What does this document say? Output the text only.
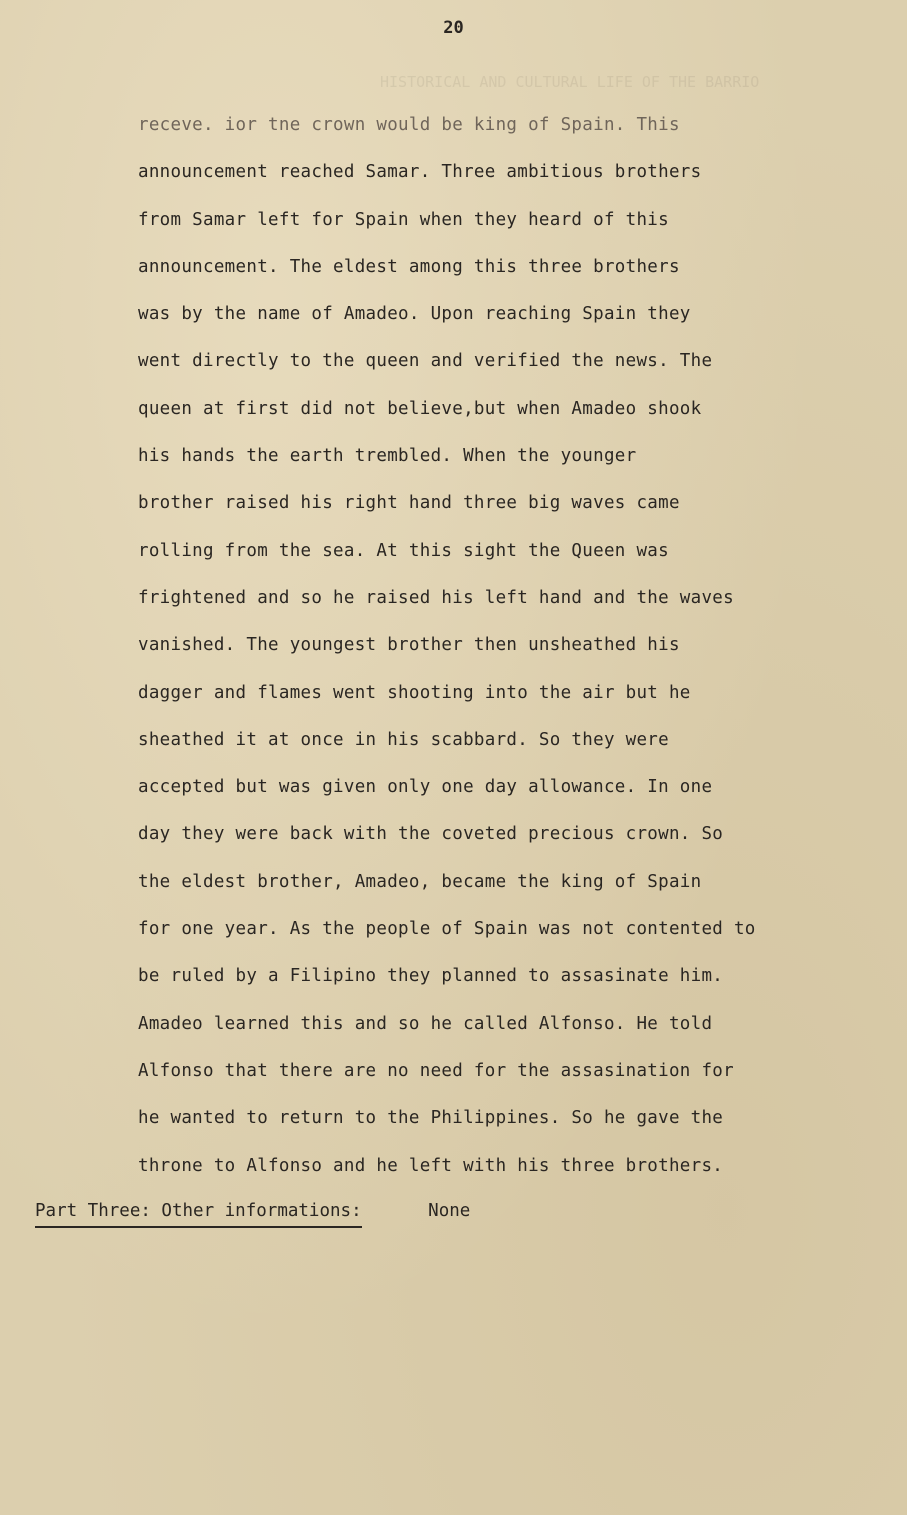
HISTORICAL AND CULTURAL LIFE OF THE BARRIO
20
receve. ior tne crown would be king of Spain. This
announcement reached Samar. Three ambitious brothers
from Samar left for Spain when they heard of this
announcement. The eldest among this three brothers
was by the name of Amadeo. Upon reaching Spain they
went directly to the queen and verified the news. The
queen at first did not believe,but when Amadeo shook
his hands the earth trembled. When the younger
brother raised his right hand three big waves came
rolling from the sea. At this sight the Queen was
frightened and so he raised his left hand and the waves
vanished. The youngest brother then unsheathed his
dagger and flames went shooting into the air but he
sheathed it at once in his scabbard. So they were
accepted but was given only one day allowance. In one
day they were back with the coveted precious crown. So
the eldest brother, Amadeo, became the king of Spain
for one year. As the people of Spain was not contented to
be ruled by a Filipino they planned to assasinate him.
Amadeo learned this and so he called Alfonso. He told
Alfonso that there are no need for the assasination for
he wanted to return to the Philippines. So he gave the
throne to Alfonso and he left with his three brothers.
Part Three: Other informations:	None
